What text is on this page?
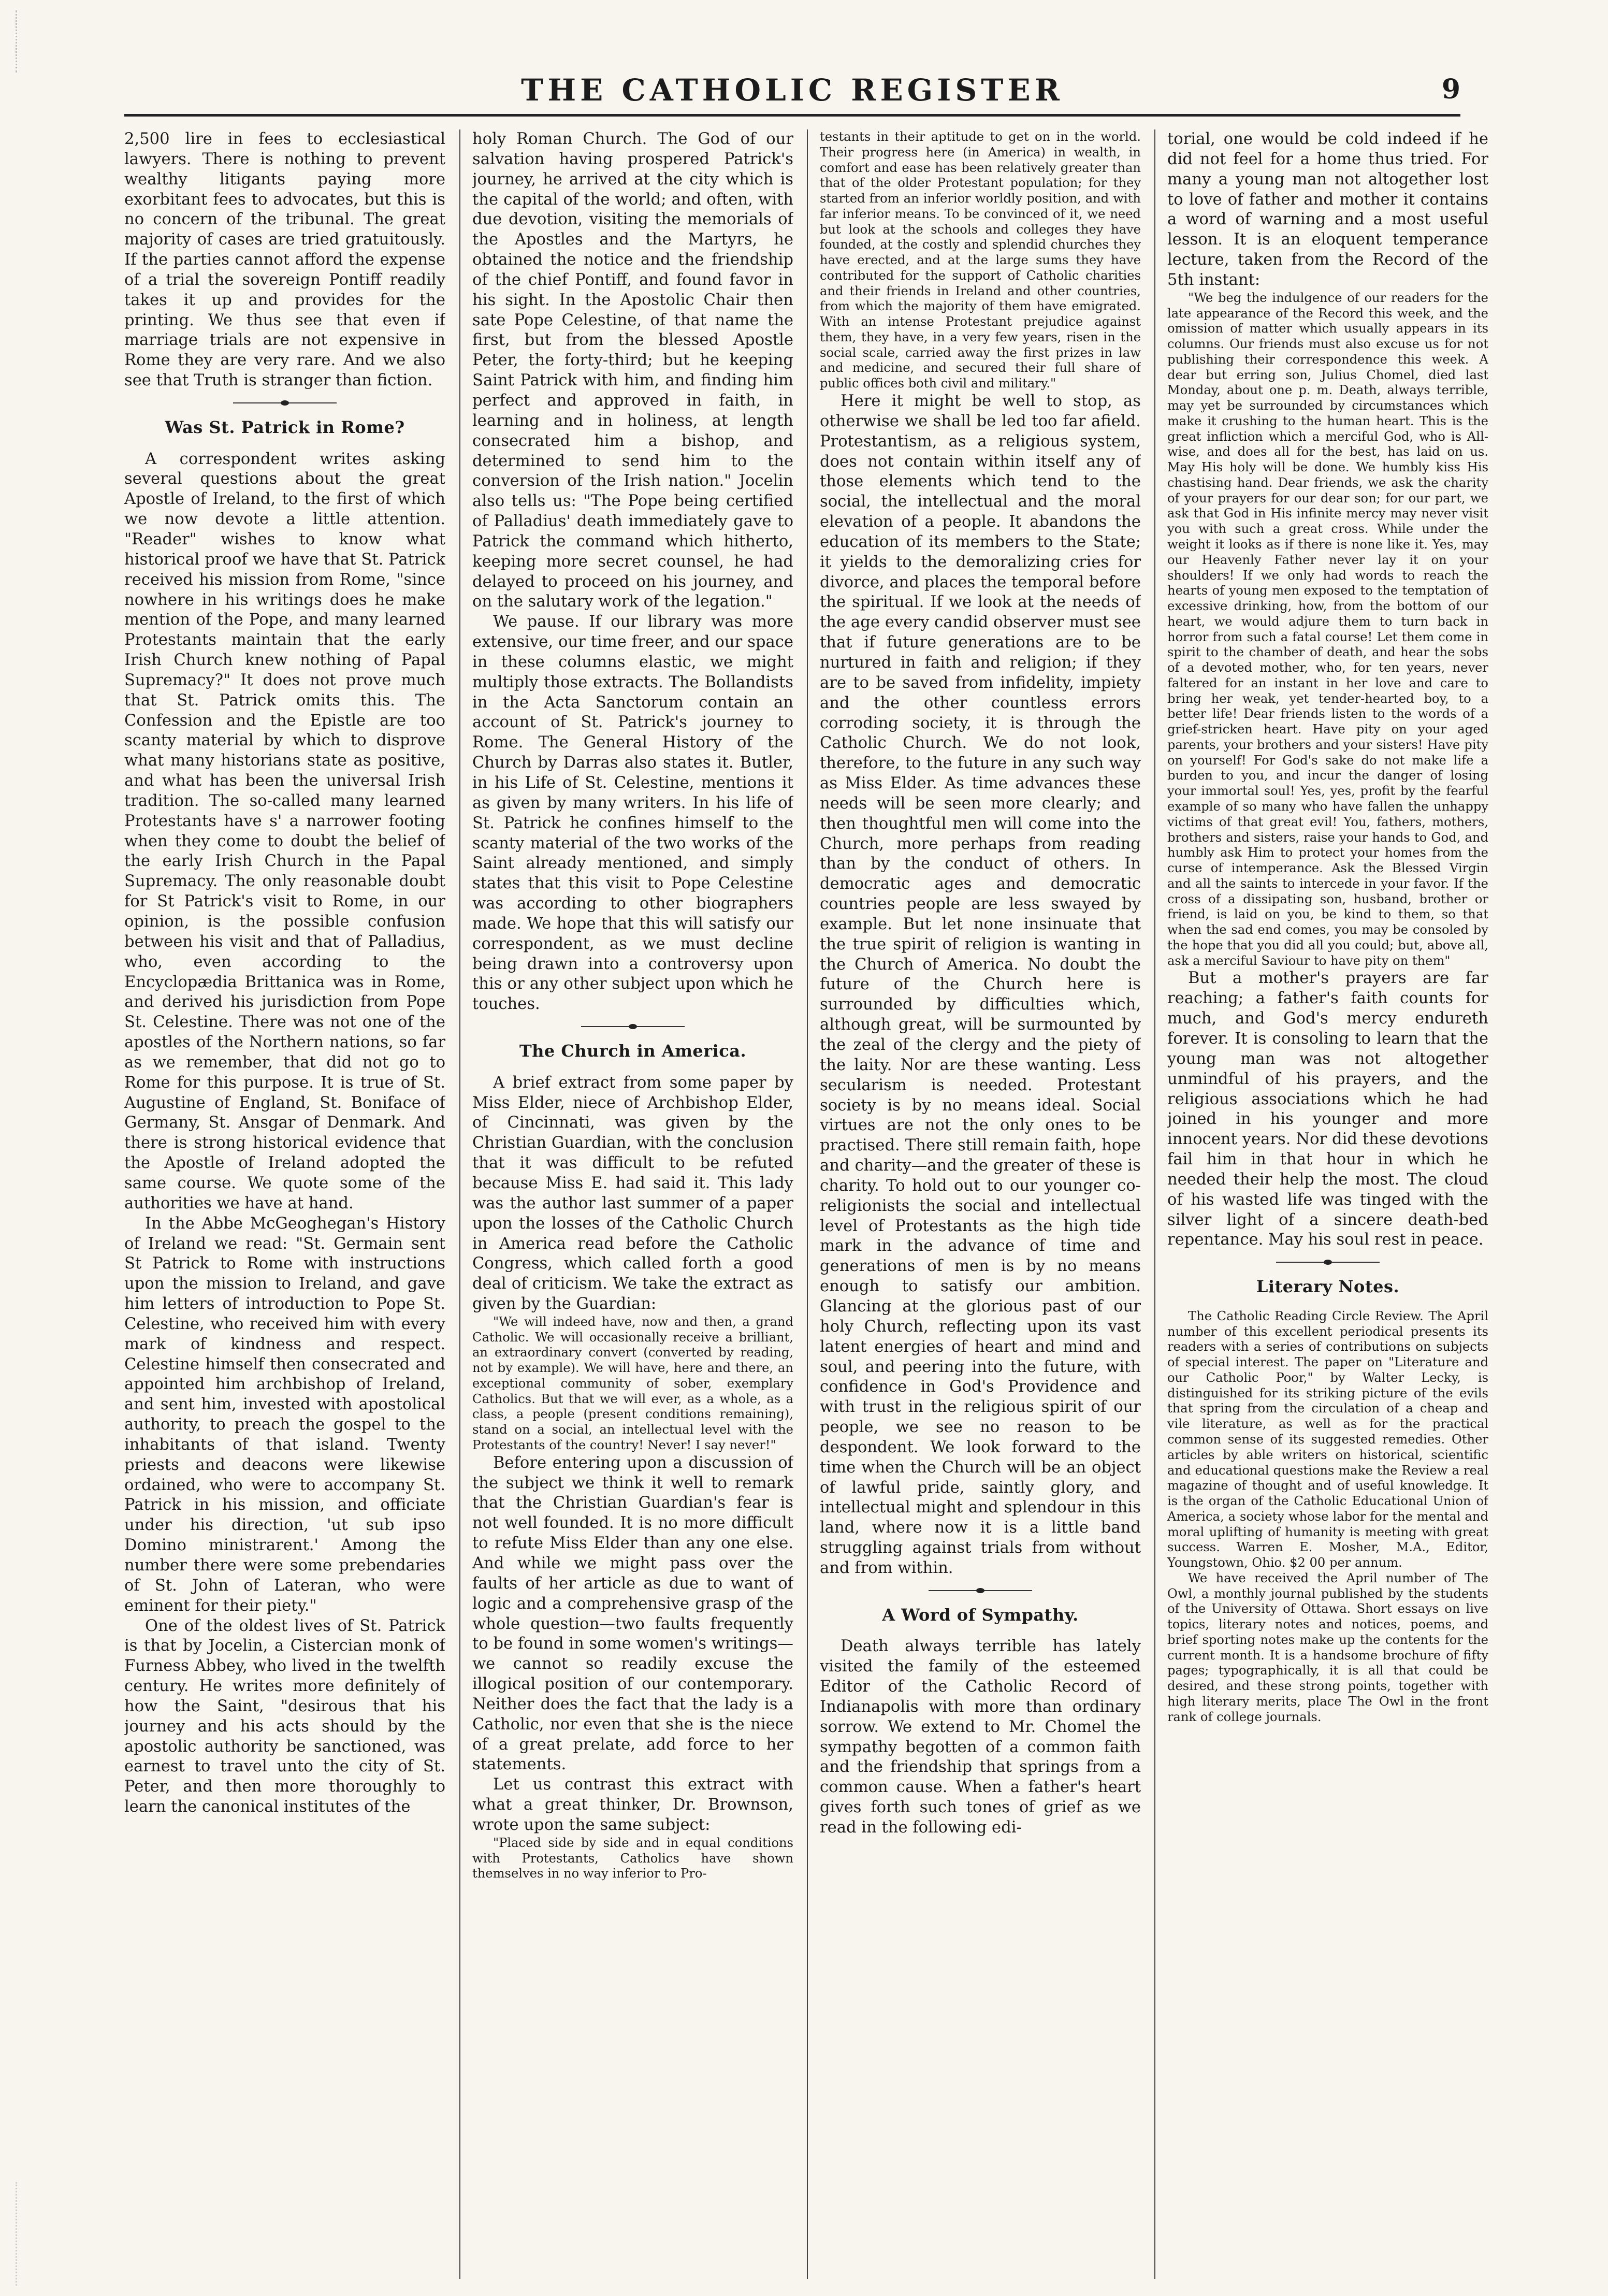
THE CATHOLIC REGISTER	9

2,500 lire in fees to ecclesiastical lawyers. There is nothing to prevent wealthy litigants paying more exorbitant fees to advocates, but this is no concern of the tribunal. The great majority of cases are tried gratuitously. If the parties cannot afford the expense of a trial the sovereign Pontiff readily takes it up and provides for the printing. We thus see that even if marriage trials are not expensive in Rome they are very rare. And we also see that Truth is stranger than fiction.

Was St. Patrick in Rome?

A correspondent writes asking several questions about the great Apostle of Ireland, to the first of which we now devote a little attention. "Reader" wishes to know what historical proof we have that St. Patrick received his mission from Rome, "since nowhere in his writings does he make mention of the Pope, and many learned Protestants maintain that the early Irish Church knew nothing of Papal Supremacy?" It does not prove much that St. Patrick omits this. The Confession and the Epistle are too scanty material by which to disprove what many historians state as positive, and what has been the universal Irish tradition. The so-called many learned Protestants have s' a narrower footing when they come to doubt the belief of the early Irish Church in the Papal Supremacy. The only reasonable doubt for St Patrick's visit to Rome, in our opinion, is the possible confusion between his visit and that of Palladius, who, even according to the Encyclopædia Brittanica was in Rome, and derived his jurisdiction from Pope St. Celestine. There was not one of the apostles of the Northern nations, so far as we remember, that did not go to Rome for this purpose. It is true of St. Augustine of England, St. Boniface of Germany, St. Ansgar of Denmark. And there is strong historical evidence that the Apostle of Ireland adopted the same course. We quote some of the authorities we have at hand.

In the Abbe McGeoghegan's History of Ireland we read: "St. Germain sent St Patrick to Rome with instructions upon the mission to Ireland, and gave him letters of introduction to Pope St. Celestine, who received him with every mark of kindness and respect. Celestine himself then consecrated and appointed him archbishop of Ireland, and sent him, invested with apostolical authority, to preach the gospel to the inhabitants of that island. Twenty priests and deacons were likewise ordained, who were to accompany St. Patrick in his mission, and officiate under his direction, 'ut sub ipso Domino ministrarent.' Among the number there were some prebendaries of St. John of Lateran, who were eminent for their piety."

One of the oldest lives of St. Patrick is that by Jocelin, a Cistercian monk of Furness Abbey, who lived in the twelfth century. He writes more definitely of how the Saint, "desirous that his journey and his acts should by the apostolic authority be sanctioned, was earnest to travel unto the city of St. Peter, and then more thoroughly to learn the canonical institutes of the

holy Roman Church. The God of our salvation having prospered Patrick's journey, he arrived at the city which is the capital of the world; and often, with due devotion, visiting the memorials of the Apostles and the Martyrs, he obtained the notice and the friendship of the chief Pontiff, and found favor in his sight. In the Apostolic Chair then sate Pope Celestine, of that name the first, but from the blessed Apostle Peter, the forty-third; but he keeping Saint Patrick with him, and finding him perfect and approved in faith, in learning and in holiness, at length consecrated him a bishop, and determined to send him to the conversion of the Irish nation." Jocelin also tells us: "The Pope being certified of Palladius' death immediately gave to Patrick the command which hitherto, keeping more secret counsel, he had delayed to proceed on his journey, and on the salutary work of the legation."

We pause. If our library was more extensive, our time freer, and our space in these columns elastic, we might multiply those extracts. The Bollandists in the Acta Sanctorum contain an account of St. Patrick's journey to Rome. The General History of the Church by Darras also states it. Butler, in his Life of St. Celestine, mentions it as given by many writers. In his life of St. Patrick he confines himself to the scanty material of the two works of the Saint already mentioned, and simply states that this visit to Pope Celestine was according to other biographers made. We hope that this will satisfy our correspondent, as we must decline being drawn into a controversy upon this or any other subject upon which he touches.

The Church in America.

A brief extract from some paper by Miss Elder, niece of Archbishop Elder, of Cincinnati, was given by the Christian Guardian, with the conclusion that it was difficult to be refuted because Miss E. had said it. This lady was the author last summer of a paper upon the losses of the Catholic Church in America read before the Catholic Congress, which called forth a good deal of criticism. We take the extract as given by the Guardian:

"We will indeed have, now and then, a grand Catholic. We will occasionally receive a brilliant, an extraordinary convert (converted by reading, not by example). We will have, here and there, an exceptional community of sober, exemplary Catholics. But that we will ever, as a whole, as a class, a people (present conditions remaining), stand on a social, an intellectual level with the Protestants of the country! Never! I say never!"

Before entering upon a discussion of the subject we think it well to remark that the Christian Guardian's fear is not well founded. It is no more difficult to refute Miss Elder than any one else. And while we might pass over the faults of her article as due to want of logic and a comprehensive grasp of the whole question—two faults frequently to be found in some women's writings—we cannot so readily excuse the illogical position of our contemporary. Neither does the fact that the lady is a Catholic, nor even that she is the niece of a great prelate, add force to her statements.

Let us contrast this extract with what a great thinker, Dr. Brownson, wrote upon the same subject:

"Placed side by side and in equal conditions with Protestants, Catholics have shown themselves in no way inferior to Pro-

testants in their aptitude to get on in the world. Their progress here (in America) in wealth, in comfort and ease has been relatively greater than that of the older Protestant population; for they started from an inferior worldly position, and with far inferior means. To be convinced of it, we need but look at the schools and colleges they have founded, at the costly and splendid churches they have erected, and at the large sums they have contributed for the support of Catholic charities and their friends in Ireland and other countries, from which the majority of them have emigrated. With an intense Protestant prejudice against them, they have, in a very few years, risen in the social scale, carried away the first prizes in law and medicine, and secured their full share of public offices both civil and military."

Here it might be well to stop, as otherwise we shall be led too far afield. Protestantism, as a religious system, does not contain within itself any of those elements which tend to the social, the intellectual and the moral elevation of a people. It abandons the education of its members to the State; it yields to the demoralizing cries for divorce, and places the temporal before the spiritual. If we look at the needs of the age every candid observer must see that if future generations are to be nurtured in faith and religion; if they are to be saved from infidelity, impiety and the other countless errors corroding society, it is through the Catholic Church. We do not look, therefore, to the future in any such way as Miss Elder. As time advances these needs will be seen more clearly; and then thoughtful men will come into the Church, more perhaps from reading than by the conduct of others. In democratic ages and democratic countries people are less swayed by example. But let none insinuate that the true spirit of religion is wanting in the Church of America. No doubt the future of the Church here is surrounded by difficulties which, although great, will be surmounted by the zeal of the clergy and the piety of the laity. Nor are these wanting. Less secularism is needed. Protestant society is by no means ideal. Social virtues are not the only ones to be practised. There still remain faith, hope and charity—and the greater of these is charity. To hold out to our younger co-religionists the social and intellectual level of Protestants as the high tide mark in the advance of time and generations of men is by no means enough to satisfy our ambition. Glancing at the glorious past of our holy Church, reflecting upon its vast latent energies of heart and mind and soul, and peering into the future, with confidence in God's Providence and with trust in the religious spirit of our people, we see no reason to be despondent. We look forward to the time when the Church will be an object of lawful pride, saintly glory, and intellectual might and splendour in this land, where now it is a little band struggling against trials from without and from within.

A Word of Sympathy.

Death always terrible has lately visited the family of the esteemed Editor of the Catholic Record of Indianapolis with more than ordinary sorrow. We extend to Mr. Chomel the sympathy begotten of a common faith and the friendship that springs from a common cause. When a father's heart gives forth such tones of grief as we read in the following edi-

torial, one would be cold indeed if he did not feel for a home thus tried. For many a young man not altogether lost to love of father and mother it contains a word of warning and a most useful lesson. It is an eloquent temperance lecture, taken from the Record of the 5th instant:

"We beg the indulgence of our readers for the late appearance of the Record this week, and the omission of matter which usually appears in its columns. Our friends must also excuse us for not publishing their correspondence this week. A dear but erring son, Julius Chomel, died last Monday, about one p. m. Death, always terrible, may yet be surrounded by circumstances which make it crushing to the human heart. This is the great infliction which a merciful God, who is All-wise, and does all for the best, has laid on us. May His holy will be done. We humbly kiss His chastising hand. Dear friends, we ask the charity of your prayers for our dear son; for our part, we ask that God in His infinite mercy may never visit you with such a great cross. While under the weight it looks as if there is none like it. Yes, may our Heavenly Father never lay it on your shoulders! If we only had words to reach the hearts of young men exposed to the temptation of excessive drinking, how, from the bottom of our heart, we would adjure them to turn back in horror from such a fatal course! Let them come in spirit to the chamber of death, and hear the sobs of a devoted mother, who, for ten years, never faltered for an instant in her love and care to bring her weak, yet tender-hearted boy, to a better life! Dear friends listen to the words of a grief-stricken heart. Have pity on your aged parents, your brothers and your sisters! Have pity on yourself! For God's sake do not make life a burden to you, and incur the danger of losing your immortal soul! Yes, yes, profit by the fearful example of so many who have fallen the unhappy victims of that great evil! You, fathers, mothers, brothers and sisters, raise your hands to God, and humbly ask Him to protect your homes from the curse of intemperance. Ask the Blessed Virgin and all the saints to intercede in your favor. If the cross of a dissipating son, husband, brother or friend, is laid on you, be kind to them, so that when the sad end comes, you may be consoled by the hope that you did all you could; but, above all, ask a merciful Saviour to have pity on them"

But a mother's prayers are far reaching; a father's faith counts for much, and God's mercy endureth forever. It is consoling to learn that the young man was not altogether unmindful of his prayers, and the religious associations which he had joined in his younger and more innocent years. Nor did these devotions fail him in that hour in which he needed their help the most. The cloud of his wasted life was tinged with the silver light of a sincere death-bed repentance. May his soul rest in peace.

Literary Notes.

The Catholic Reading Circle Review. The April number of this excellent periodical presents its readers with a series of contributions on subjects of special interest. The paper on "Literature and our Catholic Poor," by Walter Lecky, is distinguished for its striking picture of the evils that spring from the circulation of a cheap and vile literature, as well as for the practical common sense of its suggested remedies. Other articles by able writers on historical, scientific and educational questions make the Review a real magazine of thought and of useful knowledge. It is the organ of the Catholic Educational Union of America, a society whose labor for the mental and moral uplifting of humanity is meeting with great success. Warren E. Mosher, M.A., Editor, Youngstown, Ohio. $2 00 per annum.

We have received the April number of The Owl, a monthly journal published by the students of the University of Ottawa. Short essays on live topics, literary notes and notices, poems, and brief sporting notes make up the contents for the current month. It is a handsome brochure of fifty pages; typographically, it is all that could be desired, and these strong points, together with high literary merits, place The Owl in the front rank of college journals.
